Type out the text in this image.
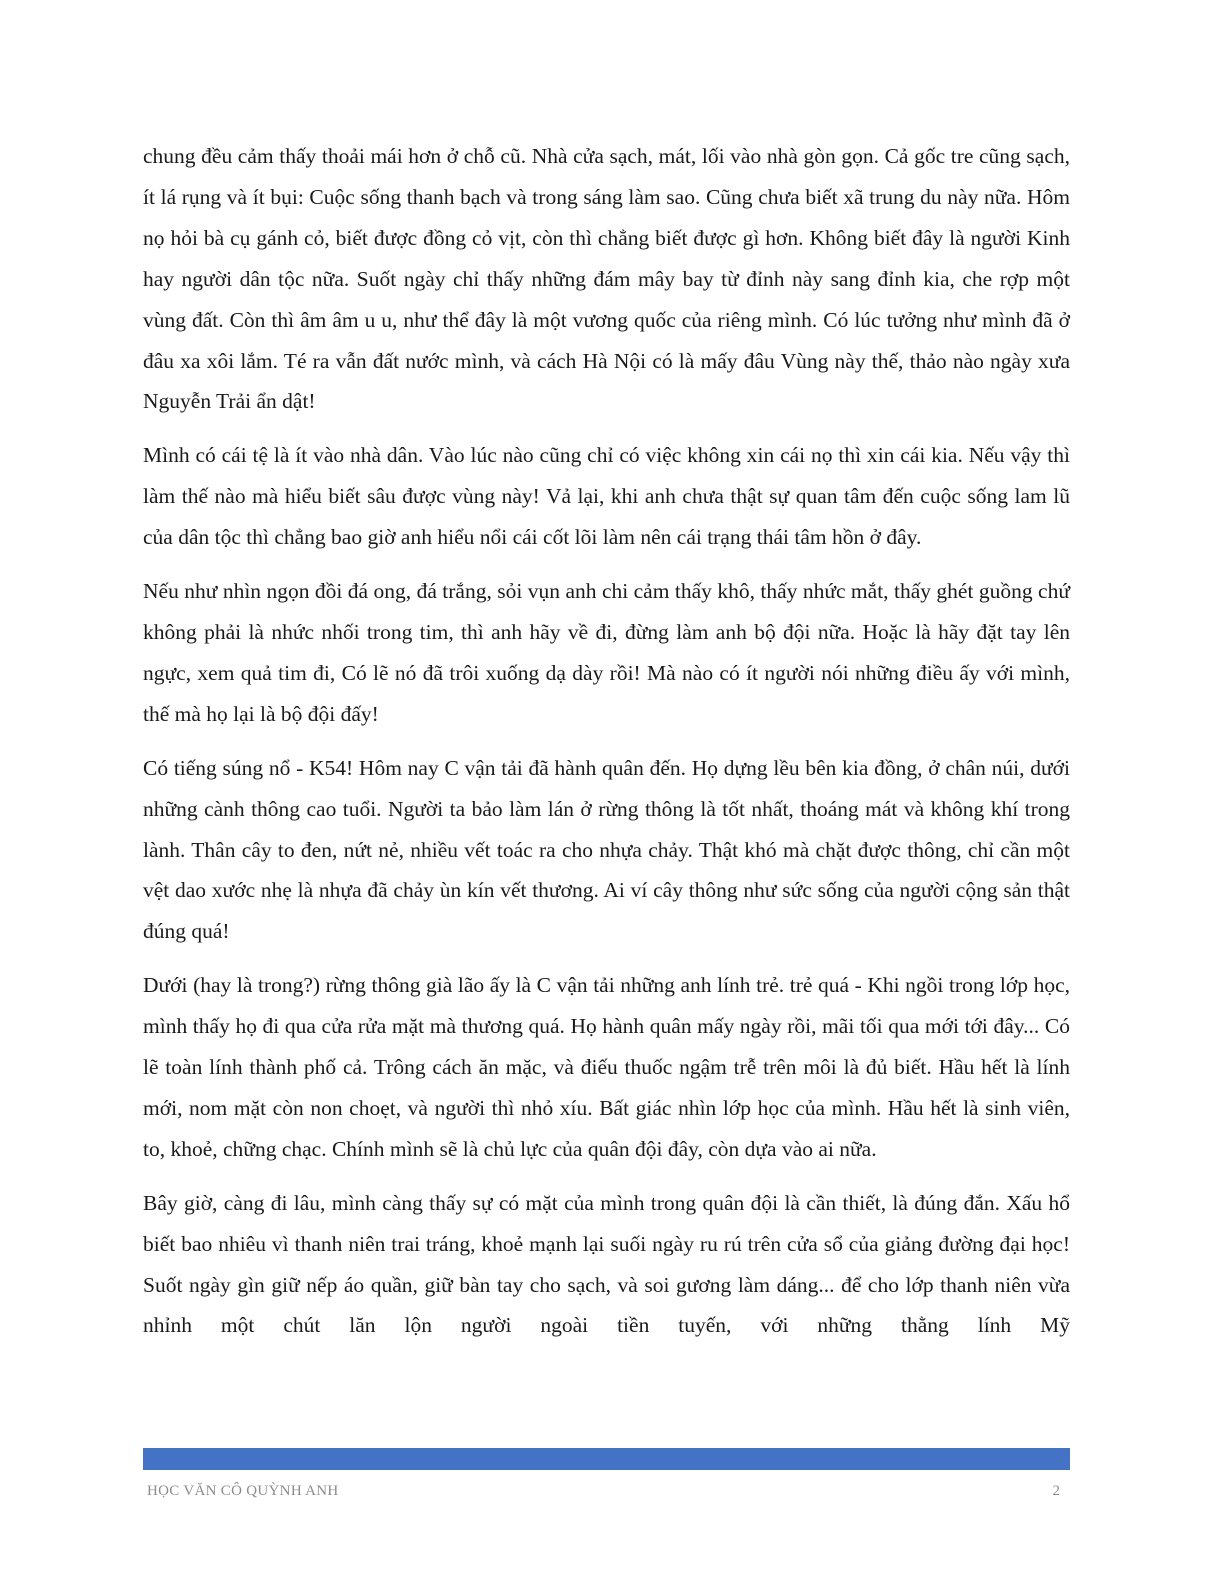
chung đều cảm thấy thoải mái hơn ở chỗ cũ. Nhà cửa sạch, mát, lối vào nhà gòn gọn. Cả gốc tre cũng sạch, ít lá rụng và ít bụi: Cuộc sống thanh bạch và trong sáng làm sao. Cũng chưa biết xã trung du này nữa. Hôm nọ hỏi bà cụ gánh cỏ, biết được đồng cỏ vịt, còn thì chẳng biết được gì hơn. Không biết đây là người Kinh hay người dân tộc nữa. Suốt ngày chỉ thấy những đám mây bay từ đỉnh này sang đỉnh kia, che rợp một vùng đất. Còn thì âm âm u u, như thể đây là một vương quốc của riêng mình. Có lúc tưởng như mình đã ở đâu xa xôi lắm. Té ra vẫn đất nước mình, và cách Hà Nội có là mấy đâu Vùng này thế, thảo nào ngày xưa Nguyễn Trải ẩn dật!

Mình có cái tệ là ít vào nhà dân. Vào lúc nào cũng chỉ có việc không xin cái nọ thì xin cái kia. Nếu vậy thì làm thế nào mà hiểu biết sâu được vùng này! Vả lại, khi anh chưa thật sự quan tâm đến cuộc sống lam lũ của dân tộc thì chẳng bao giờ anh hiểu nổi cái cốt lõi làm nên cái trạng thái tâm hồn ở đây.

Nếu như nhìn ngọn đồi đá ong, đá trắng, sỏi vụn anh chi cảm thấy khô, thấy nhức mắt, thấy ghét guồng chứ không phải là nhức nhối trong tim, thì anh hãy về đi, đừng làm anh bộ đội nữa. Hoặc là hãy đặt tay lên ngực, xem quả tim đi, Có lẽ nó đã trôi xuống dạ dày rồi! Mà nào có ít người nói những điều ấy với mình, thế mà họ lại là bộ đội đấy!

Có tiếng súng nổ - K54! Hôm nay C vận tải đã hành quân đến. Họ dựng lều bên kia đồng, ở chân núi, dưới những cành thông cao tuổi. Người ta bảo làm lán ở rừng thông là tốt nhất, thoáng mát và không khí trong lành. Thân cây to đen, nứt nẻ, nhiều vết toác ra cho nhựa chảy. Thật khó mà chặt được thông, chỉ cần một vệt dao xước nhẹ là nhựa đã chảy ùn kín vết thương. Ai ví cây thông như sức sống của người cộng sản thật đúng quá!

Dưới (hay là trong?) rừng thông già lão ấy là C vận tải những anh lính trẻ. trẻ quá - Khi ngồi trong lớp học, mình thấy họ đi qua cửa rửa mặt mà thương quá. Họ hành quân mấy ngày rồi, mãi tối qua mới tới đây... Có lẽ toàn lính thành phố cả. Trông cách ăn mặc, và điếu thuốc ngậm trễ trên môi là đủ biết. Hầu hết là lính mới, nom mặt còn non choẹt, và người thì nhỏ xíu. Bất giác nhìn lớp học của mình. Hầu hết là sinh viên, to, khoẻ, chững chạc. Chính mình sẽ là chủ lực của quân đội đây, còn dựa vào ai nữa.

Bây giờ, càng đi lâu, mình càng thấy sự có mặt của mình trong quân đội là cần thiết, là đúng đắn. Xấu hổ biết bao nhiêu vì thanh niên trai tráng, khoẻ mạnh lại suối ngày ru rú trên cửa sổ của giảng đường đại học! Suốt ngày gìn giữ nếp áo quần, giữ bàn tay cho sạch, và soi gương làm dáng... để cho lớp thanh niên vừa nhỉnh một chút lăn lộn người ngoài tiền tuyến, với những thằng lính Mỹ

HỌC VĂN CÔ QUỲNH ANH	2
